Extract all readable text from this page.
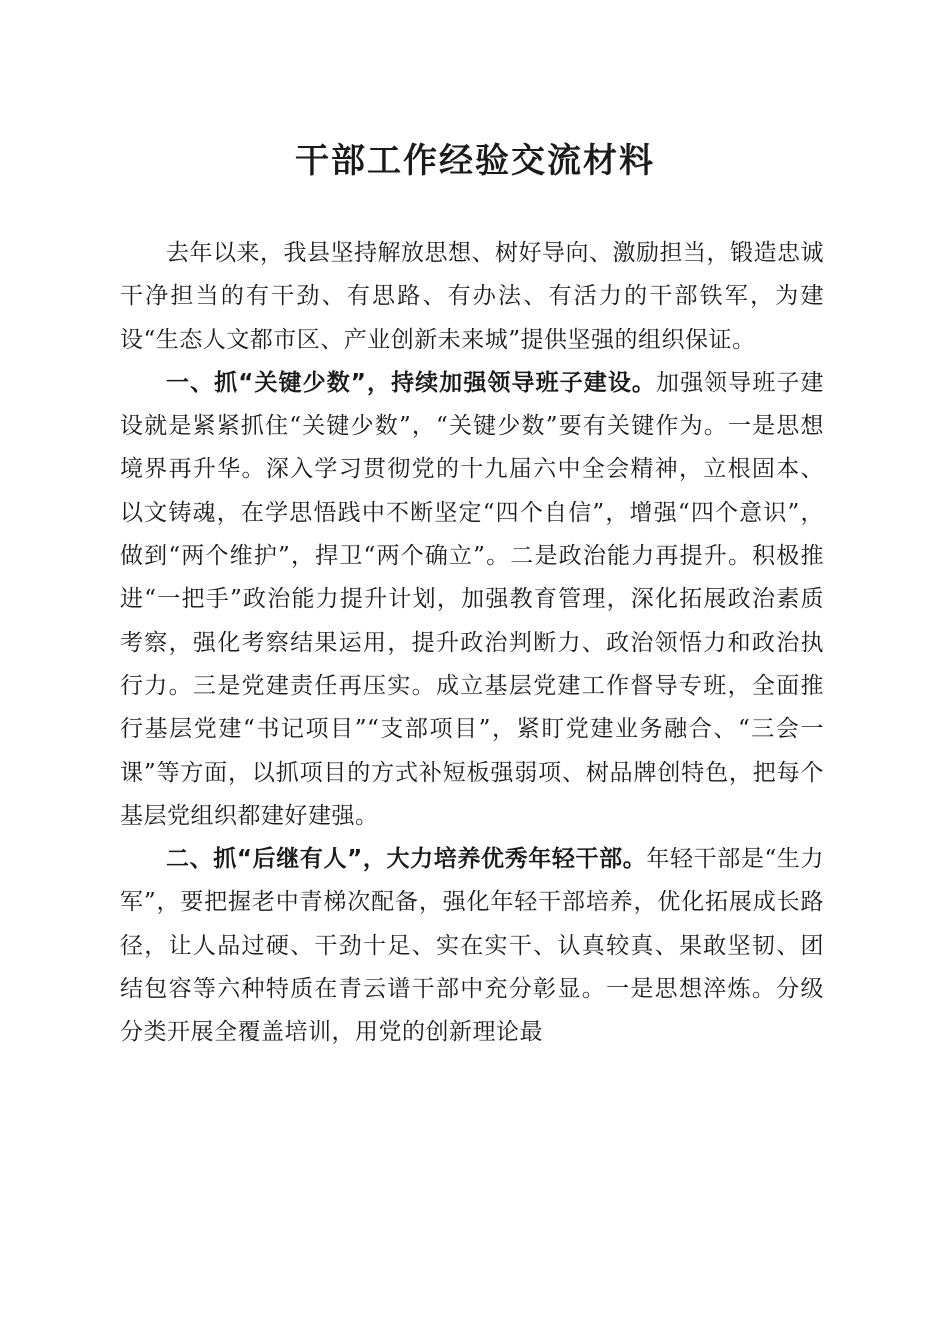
干部工作经验交流材料

去年以来，我县坚持解放思想、树好导向、激励担当，锻造忠诚干净担当的有干劲、有思路、有办法、有活力的干部铁军，为建设“生态人文都市区、产业创新未来城”提供坚强的组织保证。

一、抓“关键少数”，持续加强领导班子建设。加强领导班子建设就是紧紧抓住“关键少数”，“关键少数”要有关键作为。一是思想境界再升华。深入学习贯彻党的十九届六中全会精神，立根固本、以文铸魂，在学思悟践中不断坚定“四个自信”，增强“四个意识”，做到“两个维护”，捍卫“两个确立”。二是政治能力再提升。积极推进“一把手”政治能力提升计划，加强教育管理，深化拓展政治素质考察，强化考察结果运用，提升政治判断力、政治领悟力和政治执行力。三是党建责任再压实。成立基层党建工作督导专班，全面推行基层党建“书记项目”“支部项目”，紧盯党建业务融合、“三会一课”等方面，以抓项目的方式补短板强弱项、树品牌创特色，把每个基层党组织都建好建强。

二、抓“后继有人”，大力培养优秀年轻干部。年轻干部是“生力军”，要把握老中青梯次配备，强化年轻干部培养，优化拓展成长路径，让人品过硬、干劲十足、实在实干、认真较真、果敢坚韧、团结包容等六种特质在青云谱干部中充分彰显。一是思想淬炼。分级分类开展全覆盖培训，用党的创新理论最
